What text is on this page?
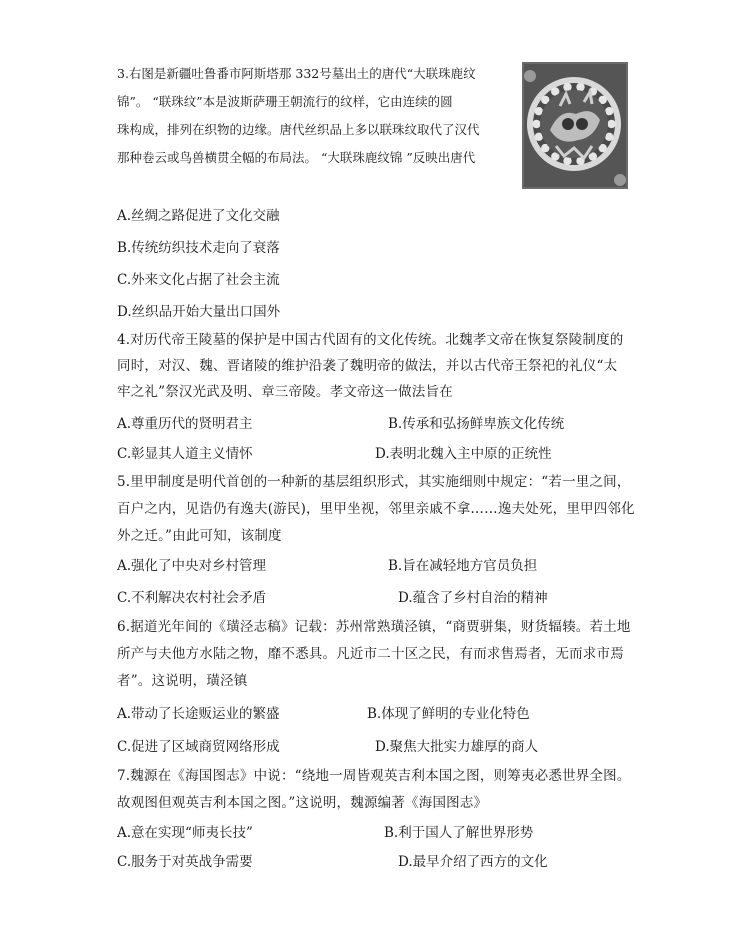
3.右图是新疆吐鲁番市阿斯塔那 332号墓出土的唐代“大联珠鹿纹
锦”。 “联珠纹”本是波斯萨珊王朝流行的纹样，它由连续的圆
珠构成，排列在织物的边缘。唐代丝织品上多以联珠纹取代了汉代
那种卷云或鸟兽横贯全幅的布局法。 “大联珠鹿纹锦 ”反映出唐代
A.丝绸之路促进了文化交融
B.传统纺织技术走向了衰落
C.外来文化占据了社会主流
D.丝织品开始大量出口国外
4.对历代帝王陵墓的保护是中国古代固有的文化传统。北魏孝文帝在恢复祭陵制度的
同时，对汉、魏、晋诸陵的维护沿袭了魏明帝的做法，并以古代帝王祭祀的礼仪“太
牢之礼”祭汉光武及明、章三帝陵。孝文帝这一做法旨在
A.尊重历代的贤明君主	B.传承和弘扬鲜卑族文化传统
C.彰显其人道主义情怀	D.表明北魏入主中原的正统性
5.里甲制度是明代首创的一种新的基层组织形式，其实施细则中规定：“若一里之间，
百户之内，见诰仍有逸夫(游民)，里甲坐视，邻里亲戚不拿……逸夫处死，里甲四邻化
外之迁。”由此可知，该制度
A.强化了中央对乡村管理	B.旨在减轻地方官员负担
C.不利解决农村社会矛盾	D.蕴含了乡村自治的精神
6.据道光年间的《璜泾志稿》记载：苏州常熟璜泾镇，“商贾骈集，财货辐辏。若土地
所产与夫他方水陆之物，靡不悉具。凡近市二十区之民，有而求售焉者，无而求市焉
者”。这说明，璜泾镇
A.带动了长途贩运业的繁盛	B.体现了鲜明的专业化特色
C.促进了区域商贸网络形成	D.聚焦大批实力雄厚的商人
7.魏源在《海国图志》中说：“绕地一周皆观英吉利本国之图，则筹夷必悉世界全图。
故观图但观英吉利本国之图。”这说明，魏源编著《海国图志》
A.意在实现“师夷长技”	B.利于国人了解世界形势
C.服务于对英战争需要	D.最早介绍了西方的文化
